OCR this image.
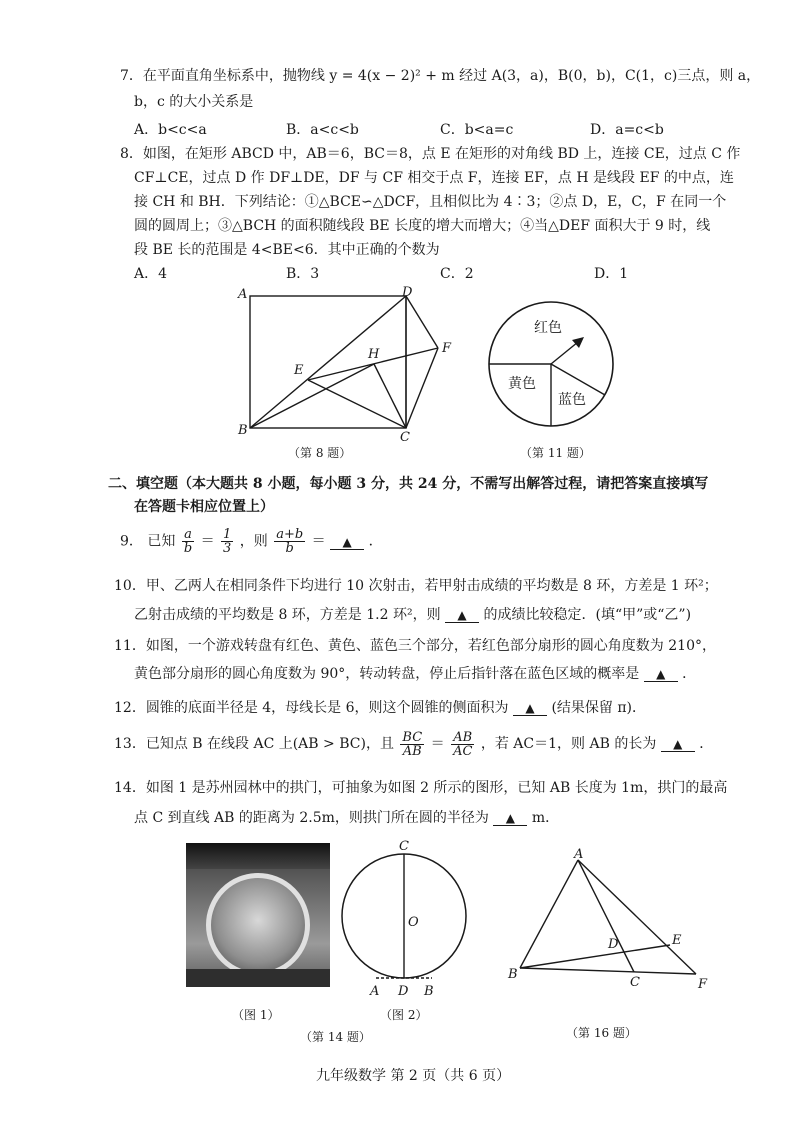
7．在平面直角坐标系中，抛物线 y = 4(x − 2)² + m 经过 A(3，a)，B(0，b)，C(1，c)三点，则 a，
b，c 的大小关系是
A．b<c<a	B．a<c<b	C．b<a=c	D．a=c<b
8．如图，在矩形 ABCD 中，AB＝6，BC＝8，点 E 在矩形的对角线 BD 上，连接 CE，过点 C 作
CF⊥CE，过点 D 作 DF⊥DE，DF 与 CF 相交于点 F，连接 EF，点 H 是线段 EF 的中点，连
接 CH 和 BH．下列结论：①△BCE∽△DCF，且相似比为 4∶3；②点 D，E，C，F 在同一个
圆的圆周上；③△BCH 的面积随线段 BE 长度的增大而增大；④当△DEF 面积大于 9 时，线
段 BE 长的范围是 4<BE<6．其中正确的个数为
A．4	B．3	C．2	D．1
A
B	C
D
E
F
H
（第 8 题）
红色
黄色
蓝色
（第 11 题）
二、填空题（本大题共 8 小题，每小题 3 分，共 24 分，不需写出解答过程，请把答案直接填写
在答题卡相应位置上）
9． 已知 $\frac{a}{b} = \frac{1}{3}$ ，则 $\frac{a+b}{b}$ ＝ ▲ ．
10．甲、乙两人在相同条件下均进行 10 次射击，若甲射击成绩的平均数是 8 环，方差是 1 环²；
乙射击成绩的平均数是 8 环，方差是 1.2 环²，则 ▲ 的成绩比较稳定．(填“甲”或“乙”)
11．如图，一个游戏转盘有红色、黄色、蓝色三个部分，若红色部分扇形的圆心角度数为 210°，
黄色部分扇形的圆心角度数为 90°，转动转盘，停止后指针落在蓝色区域的概率是 ▲ ．
12．圆锥的底面半径是 4，母线长是 6，则这个圆锥的侧面积为 ▲ (结果保留 π)．
13．已知点 B 在线段 AC 上(AB > BC)，且 $\frac{BC}{AB} = \frac{AB}{AC}$ ，若 AC＝1，则 AB 的长为 ▲ ．
14．如图 1 是苏州园林中的拱门，可抽象为如图 2 所示的图形，已知 AB 长度为 1m，拱门的最高
点 C 到直线 AB 的距离为 2.5m，则拱门所在圆的半径为 ▲ m．
（图 1）
C
O
A D B
（图 2）
（第 14 题）
A
B
C
D	E
F
（第 16 题）
九年级数学 第 2 页（共 6 页）
